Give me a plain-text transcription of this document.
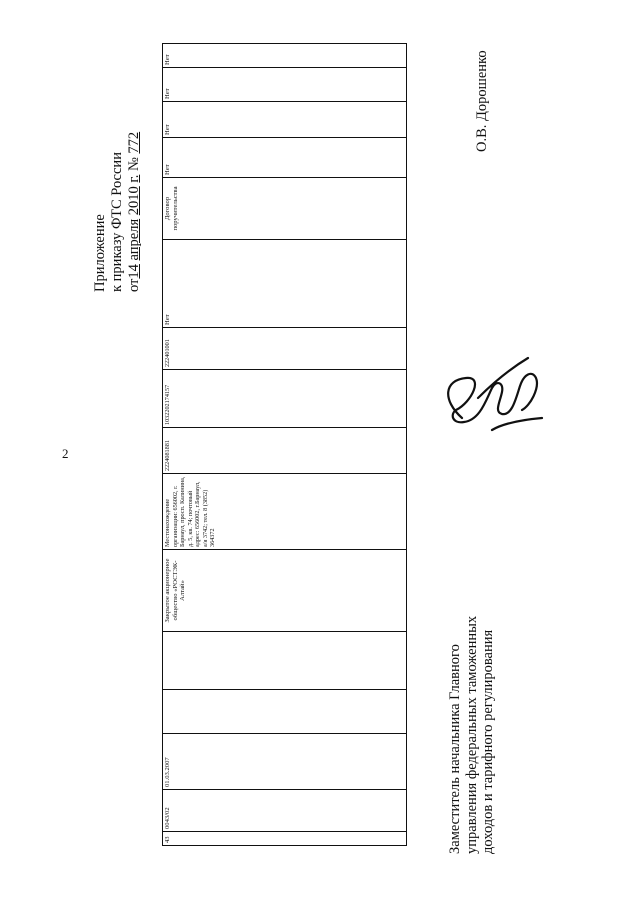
2
Приложение к приказу ФТС России от14 апреля 2010 г. № 772
43	0043/02	01.03.2007			Закрытое акционерное общество «РОСТЭК-Алтай»	Местонахождение организации: 656002, г. Барнаул, просп. Калинина, д. 5, кв. 74; почтовый адрес: 656002, г.Барнаул, а/я 3742; тел. 8 (3852) 364372	2224081881	1032202174157	222401001	Нет	Договор поручительства	Нет	Нет	Нет	Нет
Заместитель начальника Главного управления федеральных таможенных доходов и тарифного регулирования
О.В. Дорошенко
